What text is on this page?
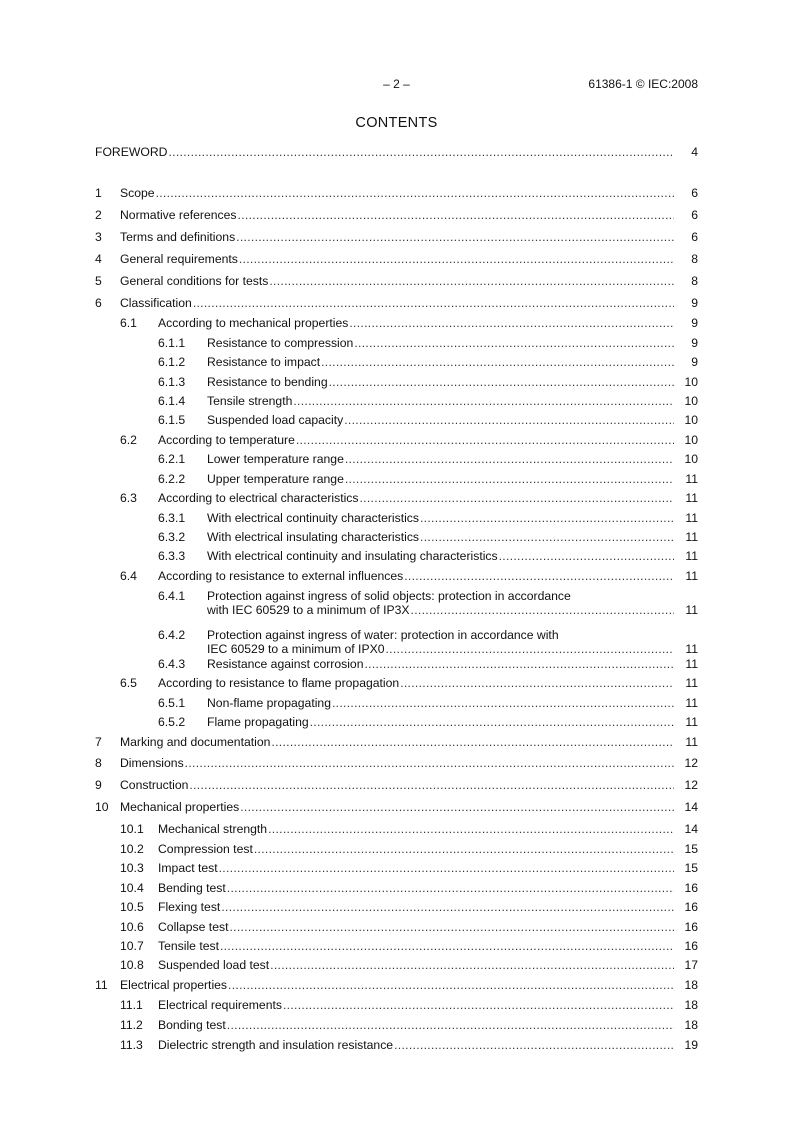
– 2 –	61386-1 © IEC:2008
CONTENTS
FOREWORD .....	4
1 Scope .....	6
2 Normative references .....	6
3 Terms and definitions .....	6
4 General requirements .....	8
5 General conditions for tests .....	8
6 Classification .....	9
6.1 According to mechanical properties .....	9
6.1.1 Resistance to compression .....	9
6.1.2 Resistance to impact .....	9
6.1.3 Resistance to bending .....	10
6.1.4 Tensile strength .....	10
6.1.5 Suspended load capacity .....	10
6.2 According to temperature .....	10
6.2.1 Lower temperature range .....	10
6.2.2 Upper temperature range .....	11
6.3 According to electrical characteristics .....	11
6.3.1 With electrical continuity characteristics .....	11
6.3.2 With electrical insulating characteristics .....	11
6.3.3 With electrical continuity and insulating characteristics .....	11
6.4 According to resistance to external influences .....	11
6.4.1 Protection against ingress of solid objects: protection in accordance
with IEC 60529 to a minimum of IP3X .....	11
6.4.2 Protection against ingress of water: protection in accordance with
IEC 60529 to a minimum of IPX0 .....	11
6.4.3 Resistance against corrosion .....	11
6.5 According to resistance to flame propagation .....	11
6.5.1 Non-flame propagating .....	11
6.5.2 Flame propagating .....	11
7 Marking and documentation .....	11
8 Dimensions .....	12
9 Construction .....	12
10 Mechanical properties .....	14
10.1 Mechanical strength .....	14
10.2 Compression test .....	15
10.3 Impact test .....	15
10.4 Bending test .....	16
10.5 Flexing test .....	16
10.6 Collapse test .....	16
10.7 Tensile test .....	16
10.8 Suspended load test .....	17
11 Electrical properties .....	18
11.1 Electrical requirements .....	18
11.2 Bonding test .....	18
11.3 Dielectric strength and insulation resistance .....	19
